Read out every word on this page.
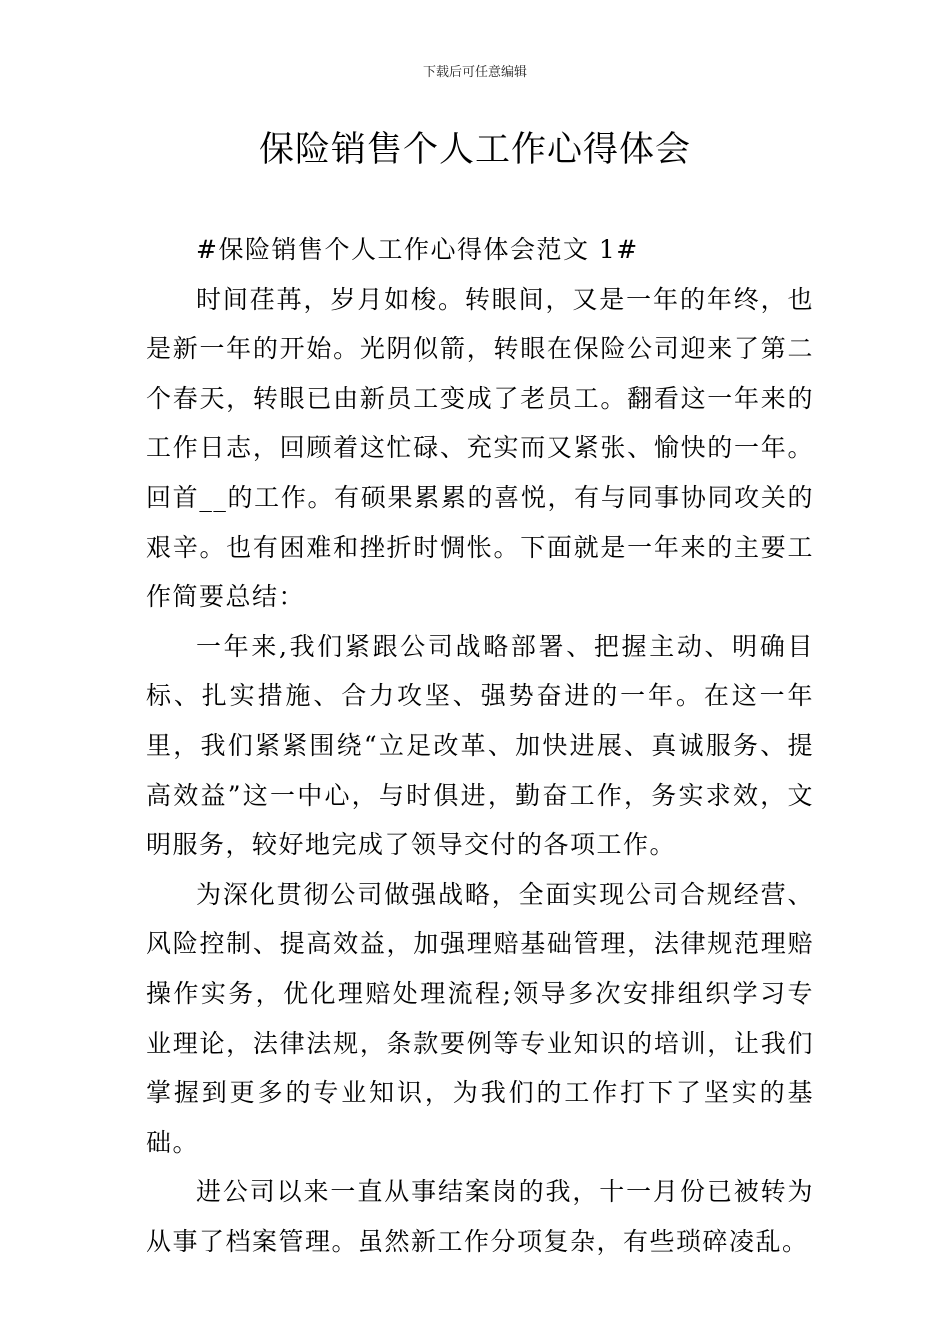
下载后可任意编辑
保险销售个人工作心得体会

#保险销售个人工作心得体会范文 1#

时间荏苒，岁月如梭。转眼间，又是一年的年终，也是新一年的开始。光阴似箭，转眼在保险公司迎来了第二个春天，转眼已由新员工变成了老员工。翻看这一年来的工作日志，回顾着这忙碌、充实而又紧张、愉快的一年。回首__的工作。有硕果累累的喜悦，有与同事协同攻关的艰辛。也有困难和挫折时惆怅。下面就是一年来的主要工作简要总结：

一年来,我们紧跟公司战略部署、把握主动、明确目标、扎实措施、合力攻坚、强势奋进的一年。在这一年里，我们紧紧围绕“立足改革、加快进展、真诚服务、提高效益”这一中心，与时俱进，勤奋工作，务实求效，文明服务，较好地完成了领导交付的各项工作。

为深化贯彻公司做强战略，全面实现公司合规经营、风险控制、提高效益，加强理赔基础管理，法律规范理赔操作实务，优化理赔处理流程;领导多次安排组织学习专业理论，法律法规，条款要例等专业知识的培训，让我们掌握到更多的专业知识，为我们的工作打下了坚实的基础。

进公司以来一直从事结案岗的我，十一月份已被转为从事了档案管理。虽然新工作分项复杂，有些琐碎凌乱。
